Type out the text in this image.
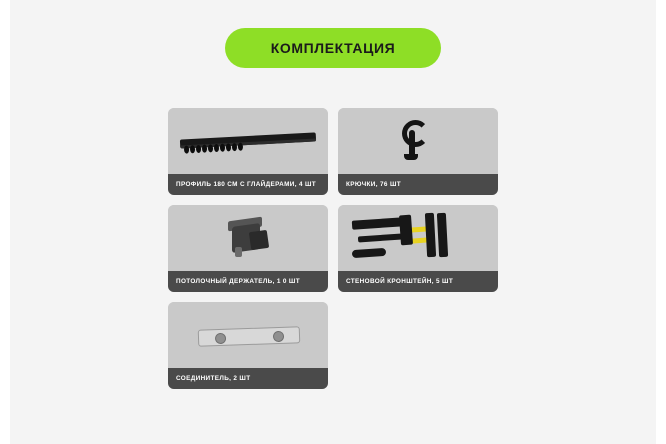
КОМПЛЕКТАЦИЯ
ПРОФИЛЬ 180 СМ С ГЛАЙДЕРАМИ, 4 ШТ	КРЮЧКИ, 76 ШТ
ПОТОЛОЧНЫЙ ДЕРЖАТЕЛЬ, 1 0 ШТ	СТЕНОВОЙ КРОНШТЕЙН, 5 ШТ
СОЕДИНИТЕЛЬ, 2 ШТ
